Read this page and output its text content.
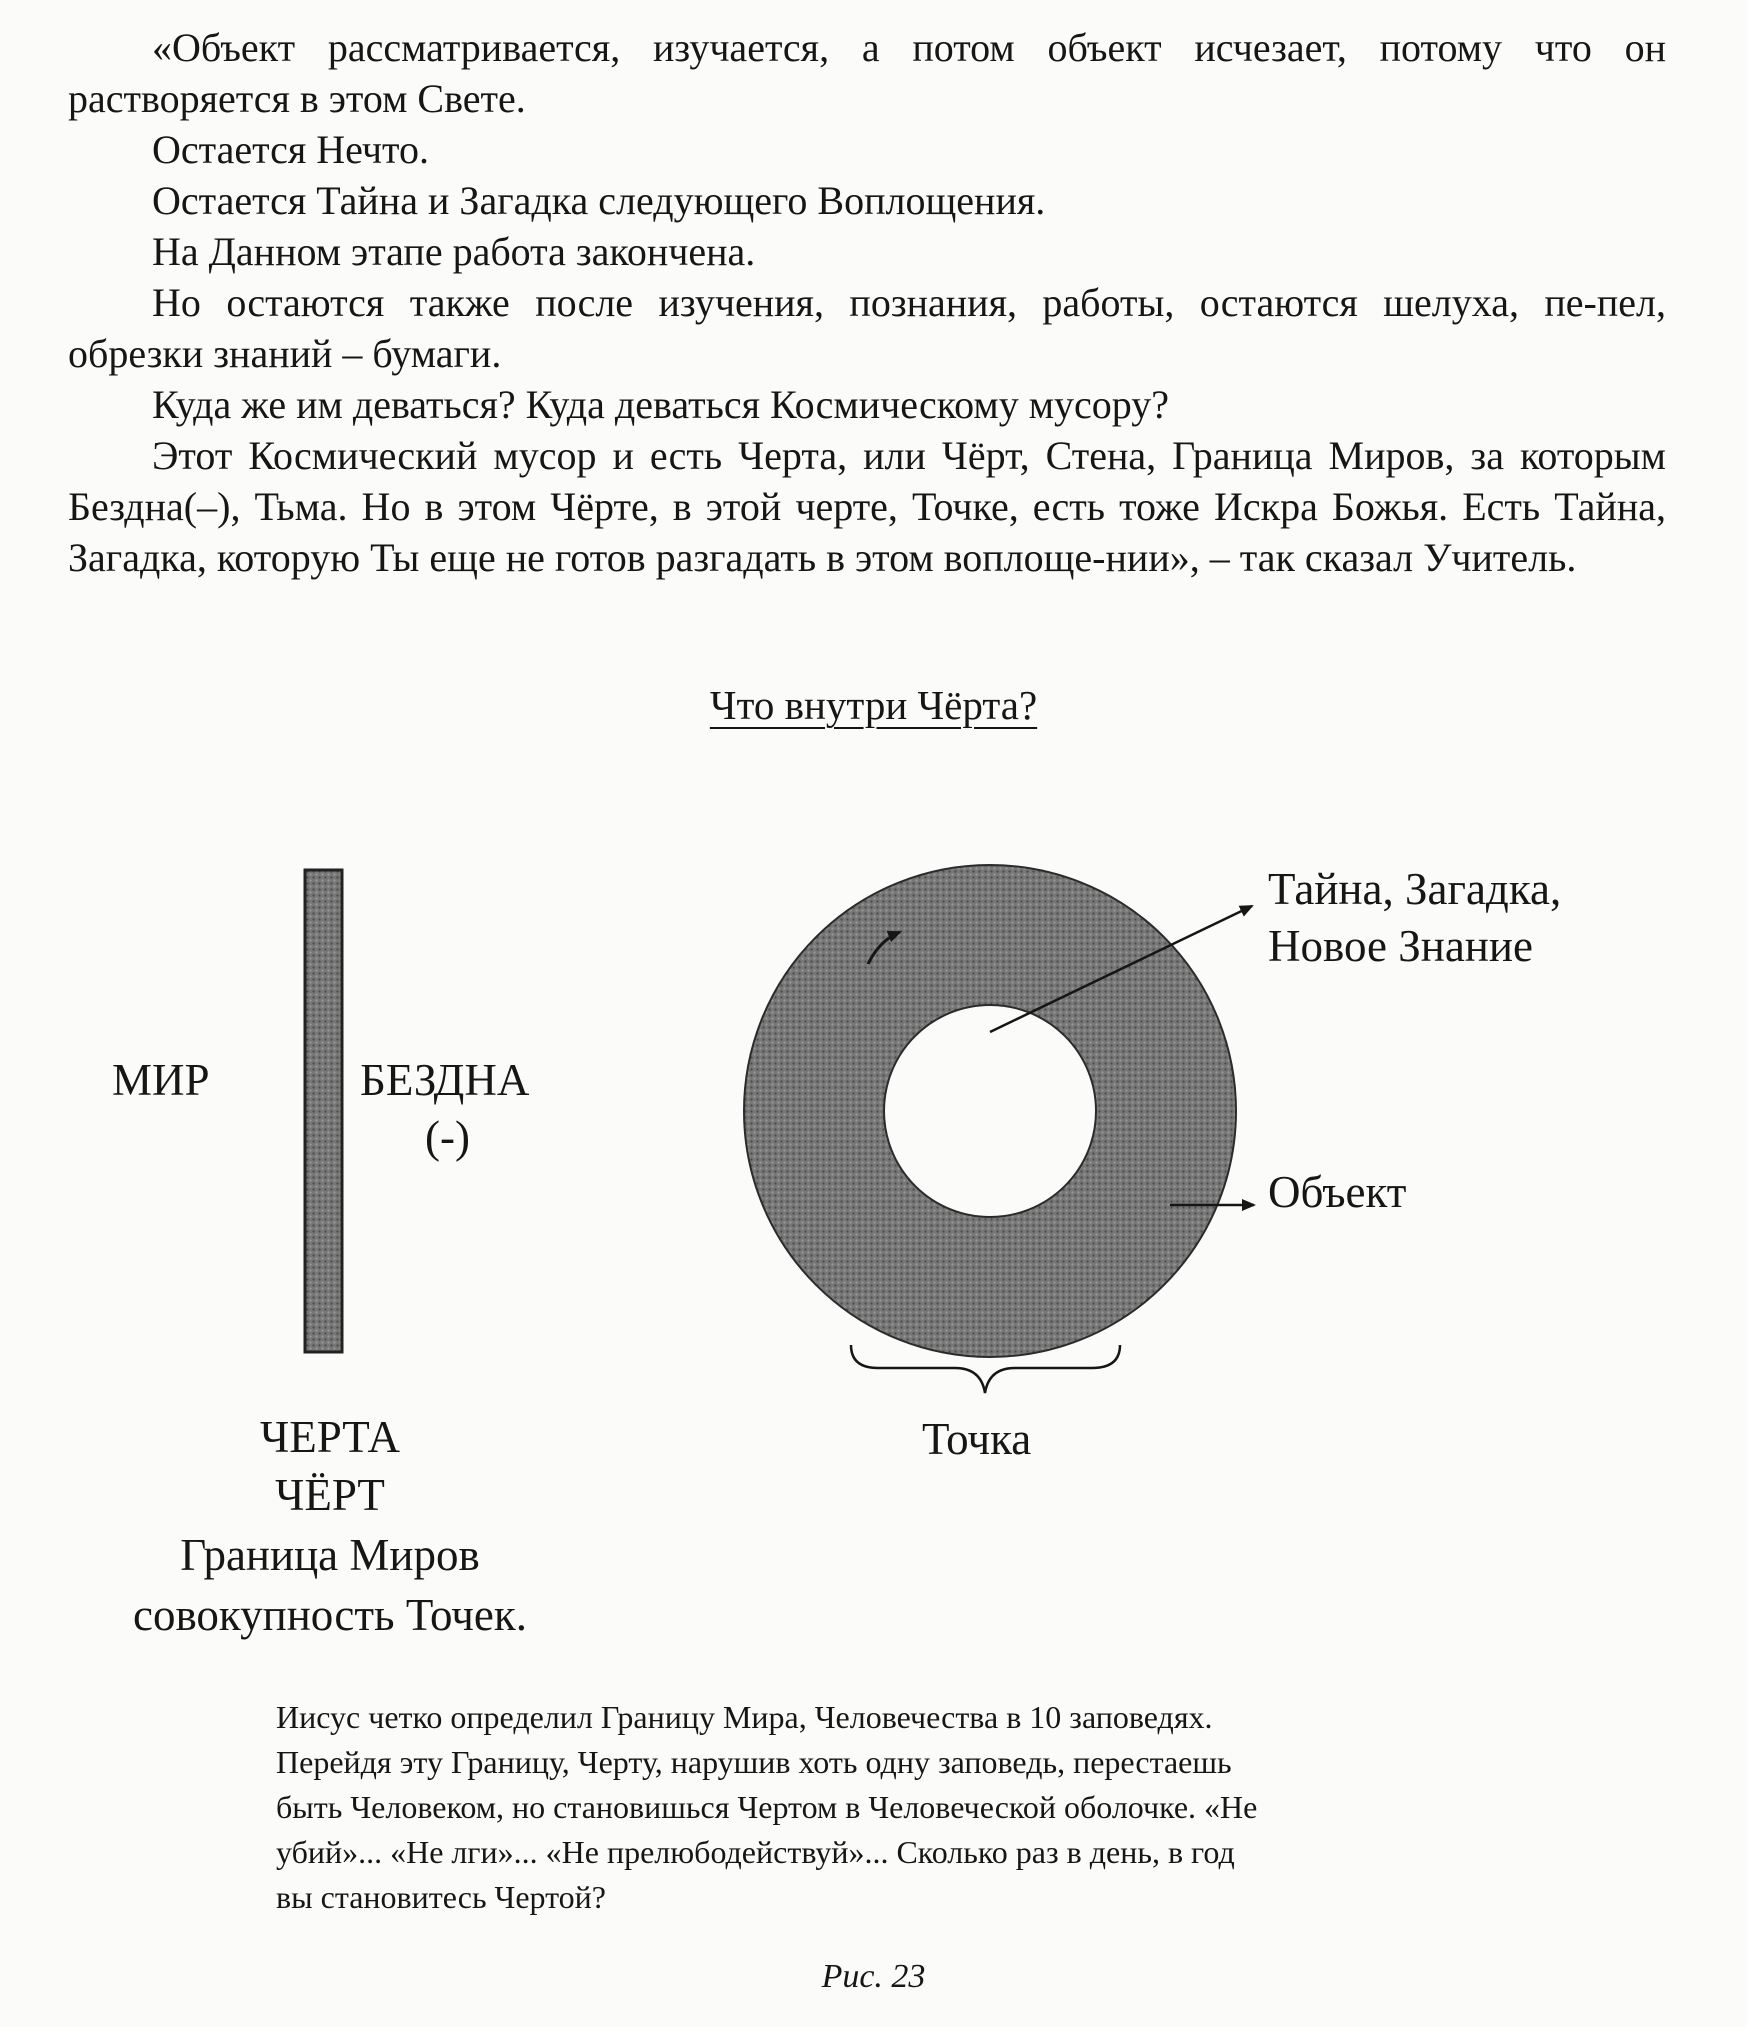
«Объект рассматривается, изучается, а потом объект исчезает, потому что он растворяется в этом Свете.

Остается Нечто.

Остается Тайна и Загадка следующего Воплощения.

На Данном этапе работа закончена.

Но остаются также после изучения, познания, работы, остаются шелуха, пе-пел, обрезки знаний – бумаги.

Куда же им деваться? Куда деваться Космическому мусору?

Этот Космический мусор и есть Черта, или Чёрт, Стена, Граница Миров, за которым Бездна(–), Тьма. Но в этом Чёрте, в этой черте, Точке, есть тоже Искра Божья. Есть Тайна, Загадка, которую Ты еще не готов разгадать в этом воплоще-нии», – так сказал Учитель.

Что внутри Чёрта?
МИР	БЕЗДНА
(-)
Тайна, Загадка,
Новое Знание
Объект
Точка
ЧЕРТА
ЧЁРТ
Граница Миров
совокупность Точек.

Иисус четко определил Границу Мира, Человечества в 10 заповедях.

Перейдя эту Границу, Черту, нарушив хоть одну заповедь, перестаешь

быть Человеком, но становишься Чертом в Человеческой оболочке. «Не

убий»... «Не лги»... «Не прелюбодействуй»... Сколько раз в день, в год

вы становитесь Чертой?

Рис. 23
